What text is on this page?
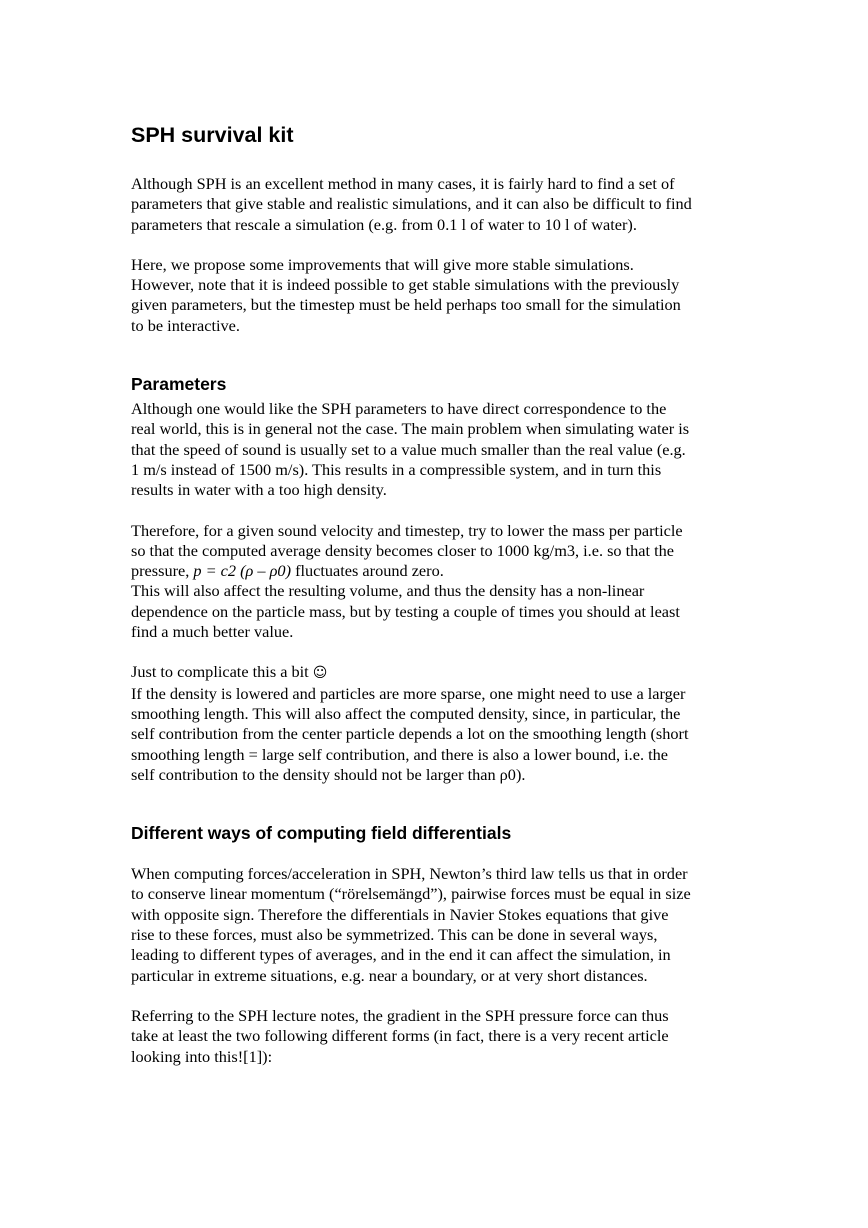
SPH survival kit

Although SPH is an excellent method in many cases, it is fairly hard to find a set of
parameters that give stable and realistic simulations, and it can also be difficult to find
parameters that rescale a simulation (e.g. from 0.1 l of water to 10 l of water).

Here, we propose some improvements that will give more stable simulations.
However, note that it is indeed possible to get stable simulations with the previously
given parameters, but the timestep must be held perhaps too small for the simulation
to be interactive.

Parameters

Although one would like the SPH parameters to have direct correspondence to the
real world, this is in general not the case. The main problem when simulating water is
that the speed of sound is usually set to a value much smaller than the real value (e.g.
1 m/s instead of 1500 m/s). This results in a compressible system, and in turn this
results in water with a too high density.

Therefore, for a given sound velocity and timestep, try to lower the mass per particle

so that the computed average density becomes closer to 1000 kg/m3, i.e. so that the

pressure, p = c2 (ρ – ρ0) fluctuates around zero.

This will also affect the resulting volume, and thus the density has a non-linear
dependence on the particle mass, but by testing a couple of times you should at least
find a much better value.

Just to complicate this a bit ☺

If the density is lowered and particles are more sparse, one might need to use a larger
smoothing length. This will also affect the computed density, since, in particular, the
self contribution from the center particle depends a lot on the smoothing length (short
smoothing length = large self contribution, and there is also a lower bound, i.e. the
self contribution to the density should not be larger than ρ0).

Different ways of computing field differentials

When computing forces/acceleration in SPH, Newton’s third law tells us that in order
to conserve linear momentum (“rörelsemängd”), pairwise forces must be equal in size
with opposite sign. Therefore the differentials in Navier Stokes equations that give
rise to these forces, must also be symmetrized. This can be done in several ways,
leading to different types of averages, and in the end it can affect the simulation, in
particular in extreme situations, e.g. near a boundary, or at very short distances.

Referring to the SPH lecture notes, the gradient in the SPH pressure force can thus
take at least the two following different forms (in fact, there is a very recent article
looking into this![1]):
